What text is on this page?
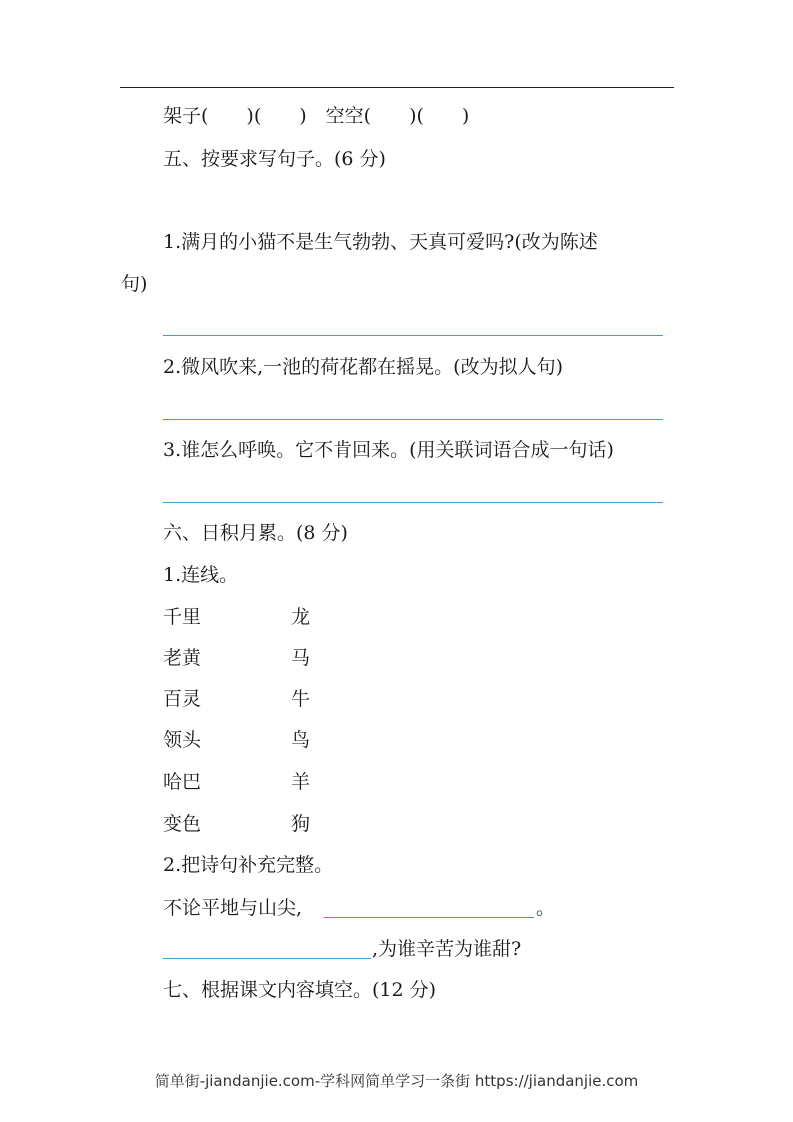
架子(　　)(　　)　空空(　　)(　　)
五、按要求写句子。(6 分)
1.满月的小猫不是生气勃勃、天真可爱吗?(改为陈述
句)
2.微风吹来,一池的荷花都在摇晃。(改为拟人句)
3.谁怎么呼唤。它不肯回来。(用关联词语合成一句话)
六、日积月累。(8 分)
1.连线。
千里	龙
老黄	马
百灵	牛
领头	鸟
哈巴	羊
变色	狗
2.把诗句补充完整。
不论平地与山尖,	。
,为谁辛苦为谁甜?
七、根据课文内容填空。(12 分)
简单街-jiandanjie.com-学科网简单学习一条街 https://jiandanjie.com
